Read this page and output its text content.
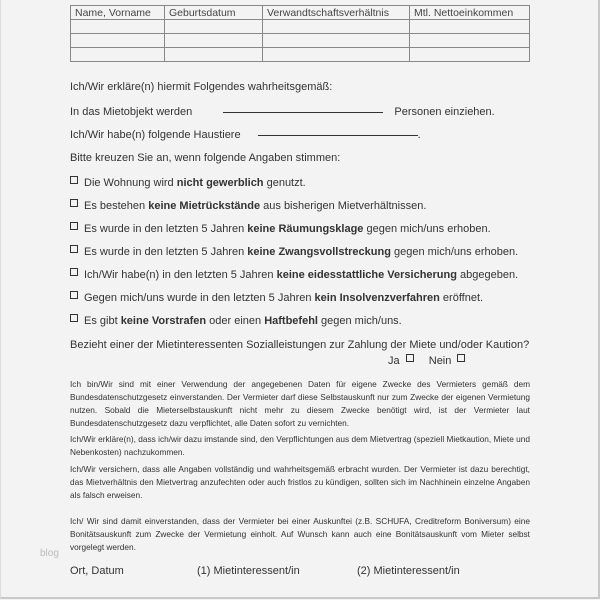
Name, Vorname	Geburtsdatum	Verwandtschaftsverhältnis	Mtl. Nettoeinkommen

Ich/Wir erkläre(n) hiermit Folgendes wahrheitsgemäß:
In das Mietobjekt werden	Personen einziehen.
Ich/Wir habe(n) folgende Haustiere	.
Bitte kreuzen Sie an, wenn folgende Angaben stimmen:
Die Wohnung wird nicht gewerblich genutzt.
Es bestehen keine Mietrückstände aus bisherigen Mietverhältnissen.
Es wurde in den letzten 5 Jahren keine Räumungsklage gegen mich/uns erhoben.
Es wurde in den letzten 5 Jahren keine Zwangsvollstreckung gegen mich/uns erhoben.
Ich/Wir habe(n) in den letzten 5 Jahren keine eidesstattliche Versicherung abgegeben.
Gegen mich/uns wurde in den letzten 5 Jahren kein Insolvenzverfahren eröffnet.
Es gibt keine Vorstrafen oder einen Haftbefehl gegen mich/uns.
Bezieht einer der Mietinteressenten Sozialleistungen zur Zahlung der Miete und/oder Kaution?
Ja	Nein
Ich bin/Wir sind mit einer Verwendung der angegebenen Daten für eigene Zwecke des Vermieters gemäß dem Bundesdatenschutzgesetz einverstanden. Der Vermieter darf diese Selbstauskunft nur zum Zwecke der eigenen Vermietung nutzen. Sobald die Mieterselbstauskunft nicht mehr zu diesem Zwecke benötigt wird, ist der Vermieter laut Bundesdatenschutzgesetz dazu verpflichtet, alle Daten sofort zu vernichten.
Ich/Wir erkläre(n), dass ich/wir dazu imstande sind, den Verpflichtungen aus dem Mietvertrag (speziell Mietkaution, Miete und Nebenkosten) nachzukommen.
Ich/Wir versichern, dass alle Angaben vollständig und wahrheitsgemäß erbracht wurden. Der Vermieter ist dazu berechtigt, das Mietverhältnis den Mietvertrag anzufechten oder auch fristlos zu kündigen, sollten sich im Nachhinein einzelne Angaben als falsch erweisen.
Ich/ Wir sind damit einverstanden, dass der Vermieter bei einer Auskunftei (z.B. SCHUFA, Creditreform Boniversum) eine Bonitätsauskunft zum Zwecke der Vermietung einholt. Auf Wunsch kann auch eine Bonitätsauskunft vom Mieter selbst vorgelegt werden.
blog
Ort, Datum	(1) Mietinteressent/in	(2) Mietinteressent/in
